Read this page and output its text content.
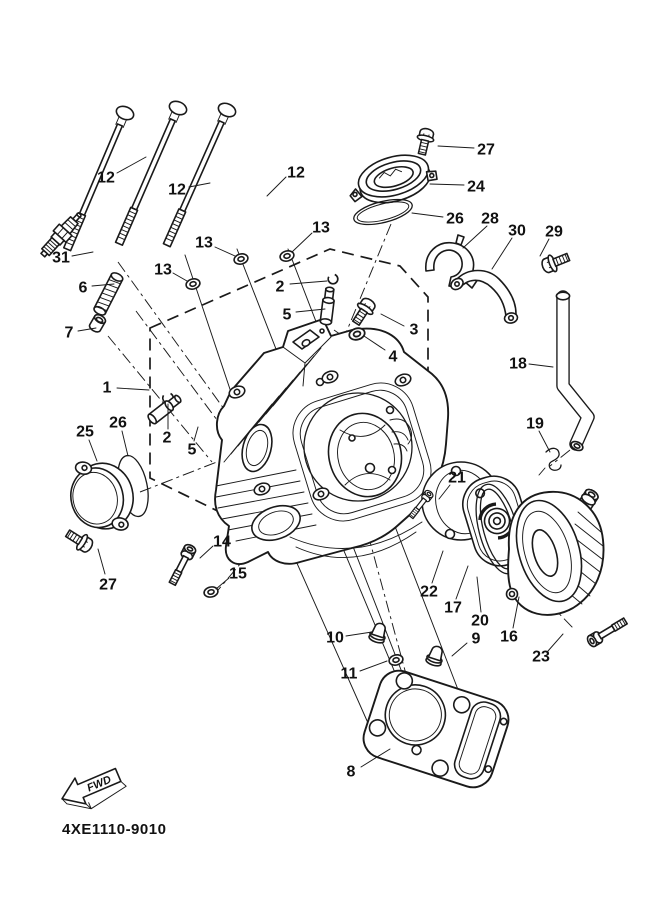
FWD
4XE1110-9010
12
12
12
13
13
13
31
6
7
2
5
1
2
5
3
4
27
24
26 28
30 29
18
19
25
26
21
14
15
27
10
11
9
22
17
20
16
23
8
